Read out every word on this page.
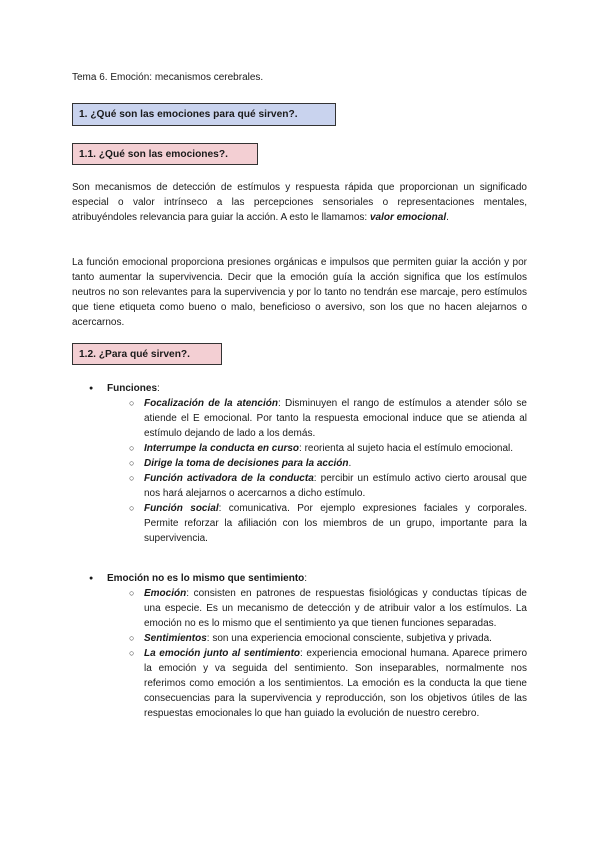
Tema 6. Emoción: mecanismos cerebrales.
1. ¿Qué son las emociones para qué sirven?.
1.1. ¿Qué son las emociones?.
Son mecanismos de detección de estímulos y respuesta rápida que proporcionan un significado especial o valor intrínseco a las percepciones sensoriales o representaciones mentales, atribuyéndoles relevancia para guiar la acción. A esto le llamamos: valor emocional.
La función emocional proporciona presiones orgánicas e impulsos que permiten guiar la acción y por tanto aumentar la supervivencia. Decir que la emoción guía la acción significa que los estímulos neutros no son relevantes para la supervivencia y por lo tanto no tendrán ese marcaje, pero estímulos que tiene etiqueta como bueno o malo, beneficioso o aversivo, son los que no hacen alejarnos o acercarnos.
1.2. ¿Para qué sirven?.
● Funciones:
○ Focalización de la atención: Disminuyen el rango de estímulos a atender sólo se atiende el E emocional. Por tanto la respuesta emocional induce que se atienda al estímulo dejando de lado a los demás.
○ Interrumpe la conducta en curso: reorienta al sujeto hacia el estímulo emocional.
○ Dirige la toma de decisiones para la acción.
○ Función activadora de la conducta: percibir un estímulo activo cierto arousal que nos hará alejarnos o acercarnos a dicho estímulo.
○ Función social: comunicativa. Por ejemplo expresiones faciales y corporales. Permite reforzar la afiliación con los miembros de un grupo, importante para la supervivencia.
● Emoción no es lo mismo que sentimiento:
○ Emoción: consisten en patrones de respuestas fisiológicas y conductas típicas de una especie. Es un mecanismo de detección y de atribuir valor a los estímulos. La emoción no es lo mismo que el sentimiento ya que tienen funciones separadas.
○ Sentimientos: son una experiencia emocional consciente, subjetiva y privada.
○ La emoción junto al sentimiento: experiencia emocional humana. Aparece primero la emoción y va seguida del sentimiento. Son inseparables, normalmente nos referimos como emoción a los sentimientos. La emoción es la conducta la que tiene consecuencias para la supervivencia y reproducción, son los objetivos útiles de las respuestas emocionales lo que han guiado la evolución de nuestro cerebro.
